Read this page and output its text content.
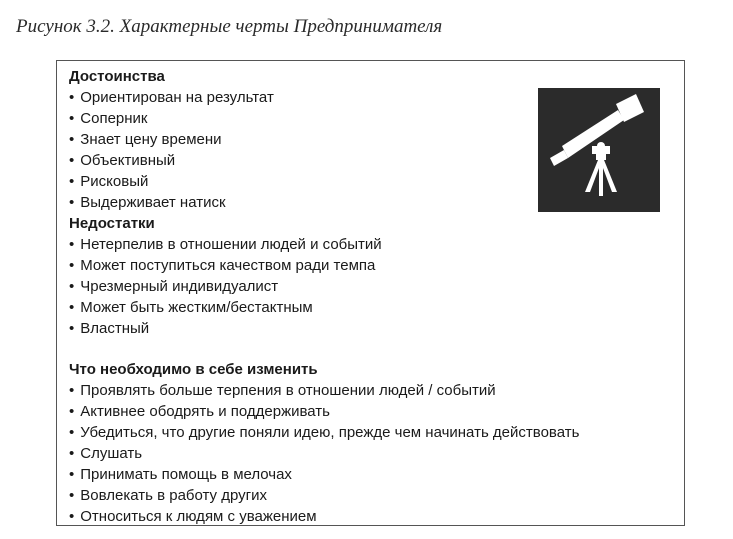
Рисунок 3.2. Характерные черты Предпринимателя
Достоинства
• Ориентирован на результат
• Соперник
• Знает цену времени
• Объективный
• Рисковый
• Выдерживает натиск
Недостатки
• Нетерпелив в отношении людей и событий
• Может поступиться качеством ради темпа
• Чрезмерный индивидуалист
• Может быть жестким/бестактным
• Властный
Что необходимо в себе изменить
• Проявлять больше терпения в отношении людей / событий
• Активнее ободрять и поддерживать
• Убедиться, что другие поняли идею, прежде чем начинать действовать
• Слушать
• Принимать помощь в мелочах
• Вовлекать в работу других
• Относиться к людям с уважением
